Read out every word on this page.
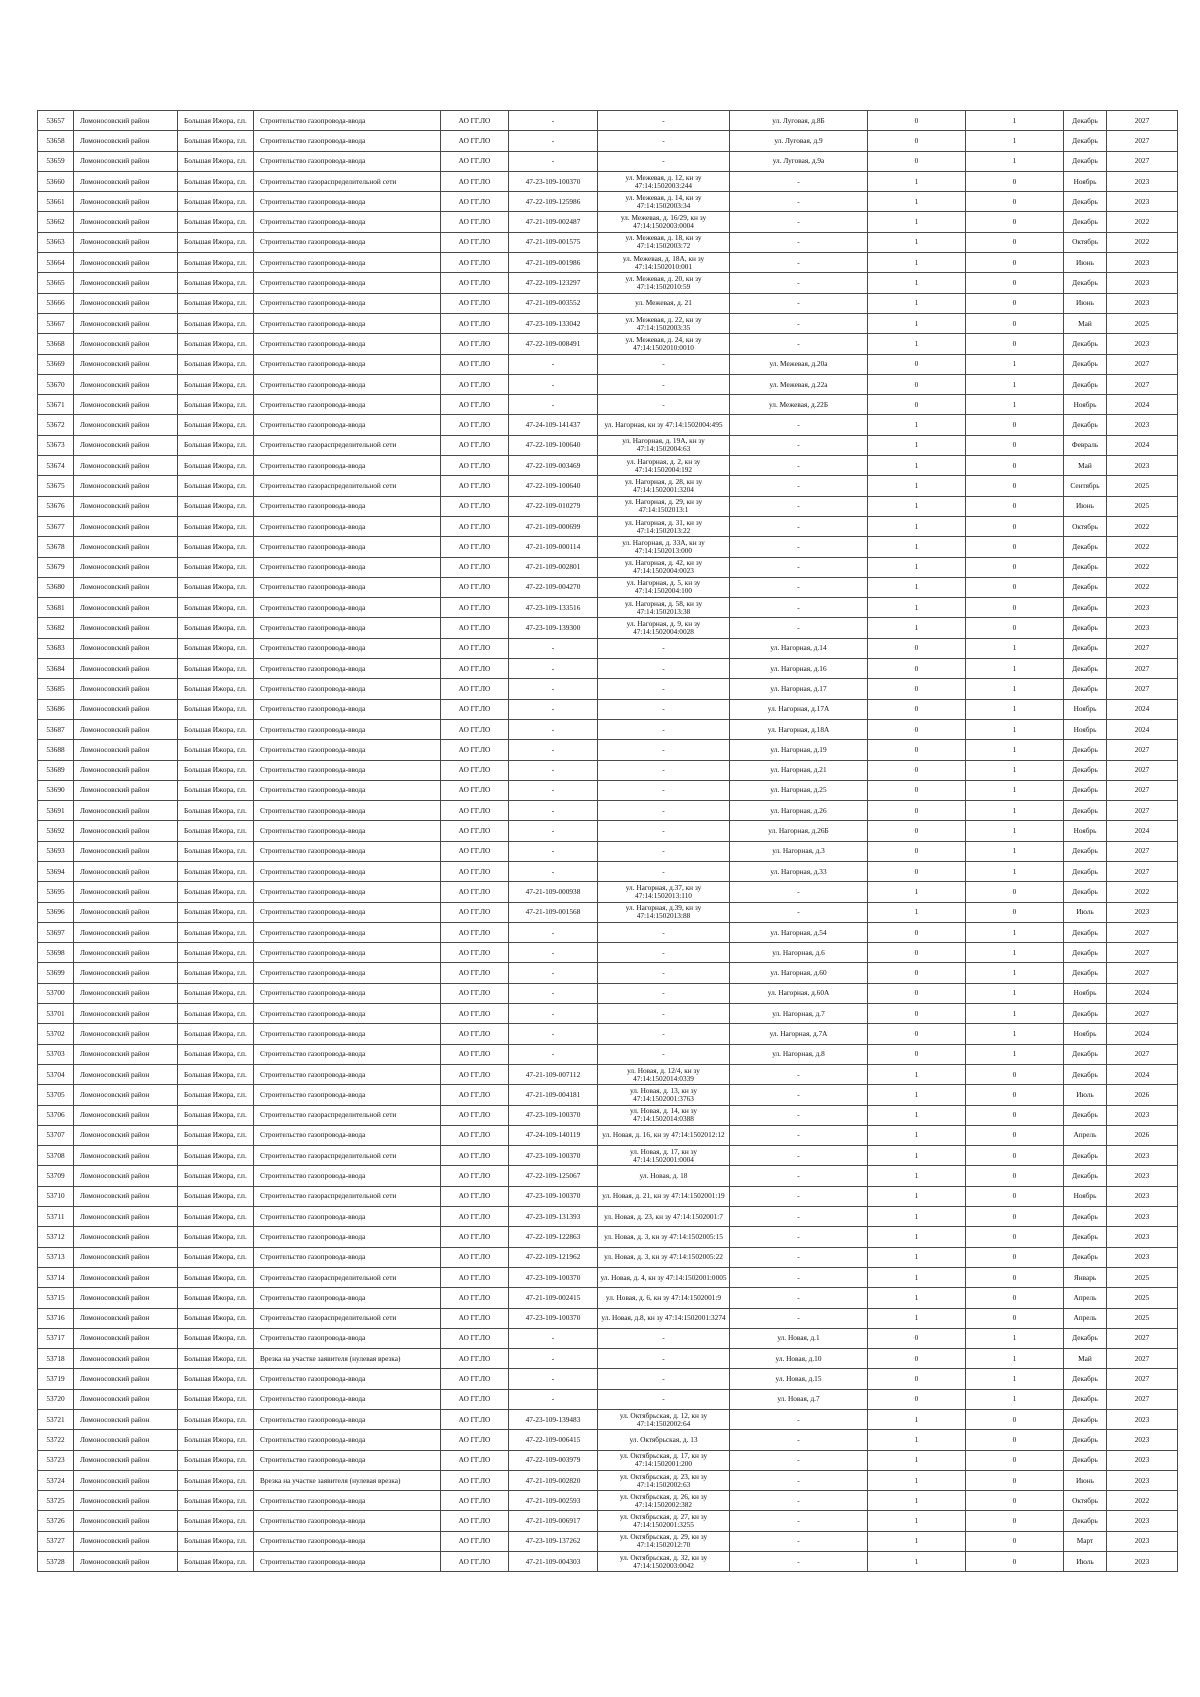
53657	Ломоносовский район	Большая Ижора, г.п.	Строительство газопровода-ввода	АО ГГ.ЛО	-	-	ул. Луговая, д.8Б	0	1	Декабрь	2027
53658	Ломоносовский район	Большая Ижора, г.п.	Строительство газопровода-ввода	АО ГГ.ЛО	-	-	ул. Луговая, д.9	0	1	Декабрь	2027
53659	Ломоносовский район	Большая Ижора, г.п.	Строительство газопровода-ввода	АО ГГ.ЛО	-	-	ул. Луговая, д.9а	0	1	Декабрь	2027
53660	Ломоносовский район	Большая Ижора, г.п.	Строительство газораспределительной сети	АО ГГ.ЛО	47-23-109-100370	ул. Межевая, д. 12, кн зу 47:14:1502003:244	-	1	0	Ноябрь	2023
53661	Ломоносовский район	Большая Ижора, г.п.	Строительство газопровода-ввода	АО ГГ.ЛО	47-22-109-125986	ул. Межевая, д. 14, кн зу 47:14:1502003:34	-	1	0	Декабрь	2023
53662	Ломоносовский район	Большая Ижора, г.п.	Строительство газопровода-ввода	АО ГГ.ЛО	47-21-109-002487	ул. Межевая, д. 16/29, кн зу 47:14:1502003:0004	-	1	0	Декабрь	2022
53663	Ломоносовский район	Большая Ижора, г.п.	Строительство газопровода-ввода	АО ГГ.ЛО	47-21-109-001575	ул. Межевая, д. 18, кн зу 47:14:1502003:72	-	1	0	Октябрь	2022
53664	Ломоносовский район	Большая Ижора, г.п.	Строительство газопровода-ввода	АО ГГ.ЛО	47-21-109-001986	ул. Межевая, д. 18А, кн зу 47:14:1502010:001	-	1	0	Июнь	2023
53665	Ломоносовский район	Большая Ижора, г.п.	Строительство газопровода-ввода	АО ГГ.ЛО	47-22-109-123297	ул. Межевая, д. 20, кн зу 47:14:1502010:59	-	1	0	Декабрь	2023
53666	Ломоносовский район	Большая Ижора, г.п.	Строительство газопровода-ввода	АО ГГ.ЛО	47-21-109-003552	ул. Межевая, д. 21	-	1	0	Июнь	2023
53667	Ломоносовский район	Большая Ижора, г.п.	Строительство газопровода-ввода	АО ГГ.ЛО	47-23-109-133042	ул. Межевая, д. 22, кн зу 47:14:1502003:35	-	1	0	Май	2025
53668	Ломоносовский район	Большая Ижора, г.п.	Строительство газопровода-ввода	АО ГГ.ЛО	47-22-109-008491	ул. Межевая, д. 24, кн зу 47:14:1502010:0010	-	1	0	Декабрь	2023
53669	Ломоносовский район	Большая Ижора, г.п.	Строительство газопровода-ввода	АО ГГ.ЛО	-	-	ул. Межевая, д.20а	0	1	Декабрь	2027
53670	Ломоносовский район	Большая Ижора, г.п.	Строительство газопровода-ввода	АО ГГ.ЛО	-	-	ул. Межевая, д.22а	0	1	Декабрь	2027
53671	Ломоносовский район	Большая Ижора, г.п.	Строительство газопровода-ввода	АО ГГ.ЛО	-	-	ул. Межевая, д.22Б	0	1	Ноябрь	2024
53672	Ломоносовский район	Большая Ижора, г.п.	Строительство газопровода-ввода	АО ГГ.ЛО	47-24-109-141437	ул. Нагорная, кн зу 47:14:1502004:495	-	1	0	Декабрь	2023
53673	Ломоносовский район	Большая Ижора, г.п.	Строительство газораспределительной сети	АО ГГ.ЛО	47-22-109-100640	ул. Нагорная, д. 19А, кн зу 47:14:1502004:63	-	1	0	Февраль	2024
53674	Ломоносовский район	Большая Ижора, г.п.	Строительство газопровода-ввода	АО ГГ.ЛО	47-22-109-003469	ул. Нагорная, д. 2, кн зу 47:14:1502004:192	-	1	0	Май	2023
53675	Ломоносовский район	Большая Ижора, г.п.	Строительство газораспределительной сети	АО ГГ.ЛО	47-22-109-100640	ул. Нагорная, д. 28, кн зу 47:14:1502001:3204	-	1	0	Сентябрь	2025
53676	Ломоносовский район	Большая Ижора, г.п.	Строительство газопровода-ввода	АО ГГ.ЛО	47-22-109-010279	ул. Нагорная, д. 29, кн зу 47:14:1502013:1	-	1	0	Июнь	2025
53677	Ломоносовский район	Большая Ижора, г.п.	Строительство газопровода-ввода	АО ГГ.ЛО	47-21-109-000699	ул. Нагорная, д. 31, кн зу 47:14:1502013:22	-	1	0	Октябрь	2022
53678	Ломоносовский район	Большая Ижора, г.п.	Строительство газопровода-ввода	АО ГГ.ЛО	47-21-109-000114	ул. Нагорная, д. 33А, кн зу 47:14:1502013:000	-	1	0	Декабрь	2022
53679	Ломоносовский район	Большая Ижора, г.п.	Строительство газопровода-ввода	АО ГГ.ЛО	47-21-109-002801	ул. Нагорная, д. 42, кн зу 47:14:1502004:0023	-	1	0	Декабрь	2022
53680	Ломоносовский район	Большая Ижора, г.п.	Строительство газопровода-ввода	АО ГГ.ЛО	47-22-109-004270	ул. Нагорная, д. 5, кн зу 47:14:1502004:100	-	1	0	Декабрь	2022
53681	Ломоносовский район	Большая Ижора, г.п.	Строительство газопровода-ввода	АО ГГ.ЛО	47-23-109-133516	ул. Нагорная, д. 58, кн зу 47:14:1502013:38	-	1	0	Декабрь	2023
53682	Ломоносовский район	Большая Ижора, г.п.	Строительство газопровода-ввода	АО ГГ.ЛО	47-23-109-139300	ул. Нагорная, д. 9, кн зу 47:14:1502004:0028	-	1	0	Декабрь	2023
53683	Ломоносовский район	Большая Ижора, г.п.	Строительство газопровода-ввода	АО ГГ.ЛО	-	-	ул. Нагорная, д.14	0	1	Декабрь	2027
53684	Ломоносовский район	Большая Ижора, г.п.	Строительство газопровода-ввода	АО ГГ.ЛО	-	-	ул. Нагорная, д.16	0	1	Декабрь	2027
53685	Ломоносовский район	Большая Ижора, г.п.	Строительство газопровода-ввода	АО ГГ.ЛО	-	-	ул. Нагорная, д.17	0	1	Декабрь	2027
53686	Ломоносовский район	Большая Ижора, г.п.	Строительство газопровода-ввода	АО ГГ.ЛО	-	-	ул. Нагорная, д.17А	0	1	Ноябрь	2024
53687	Ломоносовский район	Большая Ижора, г.п.	Строительство газопровода-ввода	АО ГГ.ЛО	-	-	ул. Нагорная, д.18А	0	1	Ноябрь	2024
53688	Ломоносовский район	Большая Ижора, г.п.	Строительство газопровода-ввода	АО ГГ.ЛО	-	-	ул. Нагорная, д.19	0	1	Декабрь	2027
53689	Ломоносовский район	Большая Ижора, г.п.	Строительство газопровода-ввода	АО ГГ.ЛО	-	-	ул. Нагорная, д.21	0	1	Декабрь	2027
53690	Ломоносовский район	Большая Ижора, г.п.	Строительство газопровода-ввода	АО ГГ.ЛО	-	-	ул. Нагорная, д.25	0	1	Декабрь	2027
53691	Ломоносовский район	Большая Ижора, г.п.	Строительство газопровода-ввода	АО ГГ.ЛО	-	-	ул. Нагорная, д.26	0	1	Декабрь	2027
53692	Ломоносовский район	Большая Ижора, г.п.	Строительство газопровода-ввода	АО ГГ.ЛО	-	-	ул. Нагорная, д.26Б	0	1	Ноябрь	2024
53693	Ломоносовский район	Большая Ижора, г.п.	Строительство газопровода-ввода	АО ГГ.ЛО	-	-	ул. Нагорная, д.3	0	1	Декабрь	2027
53694	Ломоносовский район	Большая Ижора, г.п.	Строительство газопровода-ввода	АО ГГ.ЛО	-	-	ул. Нагорная, д.33	0	1	Декабрь	2027
53695	Ломоносовский район	Большая Ижора, г.п.	Строительство газопровода-ввода	АО ГГ.ЛО	47-21-109-000938	ул. Нагорная, д.37, кн зу 47:14:1502013:110	-	1	0	Декабрь	2022
53696	Ломоносовский район	Большая Ижора, г.п.	Строительство газопровода-ввода	АО ГГ.ЛО	47-21-109-001568	ул. Нагорная, д.39, кн зу 47:14:1502013:88	-	1	0	Июль	2023
53697	Ломоносовский район	Большая Ижора, г.п.	Строительство газопровода-ввода	АО ГГ.ЛО	-	-	ул. Нагорная, д.54	0	1	Декабрь	2027
53698	Ломоносовский район	Большая Ижора, г.п.	Строительство газопровода-ввода	АО ГГ.ЛО	-	-	ул. Нагорная, д.6	0	1	Декабрь	2027
53699	Ломоносовский район	Большая Ижора, г.п.	Строительство газопровода-ввода	АО ГГ.ЛО	-	-	ул. Нагорная, д.60	0	1	Декабрь	2027
53700	Ломоносовский район	Большая Ижора, г.п.	Строительство газопровода-ввода	АО ГГ.ЛО	-	-	ул. Нагорная, д.60А	0	1	Ноябрь	2024
53701	Ломоносовский район	Большая Ижора, г.п.	Строительство газопровода-ввода	АО ГГ.ЛО	-	-	ул. Нагорная, д.7	0	1	Декабрь	2027
53702	Ломоносовский район	Большая Ижора, г.п.	Строительство газопровода-ввода	АО ГГ.ЛО	-	-	ул. Нагорная, д.7А	0	1	Ноябрь	2024
53703	Ломоносовский район	Большая Ижора, г.п.	Строительство газопровода-ввода	АО ГГ.ЛО	-	-	ул. Нагорная, д.8	0	1	Декабрь	2027
53704	Ломоносовский район	Большая Ижора, г.п.	Строительство газопровода-ввода	АО ГГ.ЛО	47-21-109-007112	ул. Новая, д. 12/4, кн зу 47:14:1502014:0339	-	1	0	Декабрь	2024
53705	Ломоносовский район	Большая Ижора, г.п.	Строительство газопровода-ввода	АО ГГ.ЛО	47-21-109-004181	ул. Новая, д. 13, кн зу 47:14:1502001:3763	-	1	0	Июль	2026
53706	Ломоносовский район	Большая Ижора, г.п.	Строительство газораспределительной сети	АО ГГ.ЛО	47-23-109-100370	ул. Новая, д. 14, кн зу 47:14:1502014:0388	-	1	0	Декабрь	2023
53707	Ломоносовский район	Большая Ижора, г.п.	Строительство газопровода-ввода	АО ГГ.ЛО	47-24-109-140119	ул. Новая, д. 16, кн зу 47:14:1502012:12	-	1	0	Апрель	2026
53708	Ломоносовский район	Большая Ижора, г.п.	Строительство газораспределительной сети	АО ГГ.ЛО	47-23-109-100370	ул. Новая, д. 17, кн зу 47:14:1502001:0004	-	1	0	Декабрь	2023
53709	Ломоносовский район	Большая Ижора, г.п.	Строительство газопровода-ввода	АО ГГ.ЛО	47-22-109-125067	ул. Новая, д. 18	-	1	0	Декабрь	2023
53710	Ломоносовский район	Большая Ижора, г.п.	Строительство газораспределительной сети	АО ГГ.ЛО	47-23-109-100370	ул. Новая, д. 21, кн зу 47:14:1502001:19	-	1	0	Ноябрь	2023
53711	Ломоносовский район	Большая Ижора, г.п.	Строительство газопровода-ввода	АО ГГ.ЛО	47-23-109-131393	ул. Новая, д. 23, кн зу 47:14:1502001:7	-	1	0	Декабрь	2023
53712	Ломоносовский район	Большая Ижора, г.п.	Строительство газопровода-ввода	АО ГГ.ЛО	47-22-109-122863	ул. Новая, д. 3, кн зу 47:14:1502005:15	-	1	0	Декабрь	2023
53713	Ломоносовский район	Большая Ижора, г.п.	Строительство газопровода-ввода	АО ГГ.ЛО	47-22-109-121962	ул. Новая, д. 3, кн зу 47:14:1502005:22	-	1	0	Декабрь	2023
53714	Ломоносовский район	Большая Ижора, г.п.	Строительство газораспределительной сети	АО ГГ.ЛО	47-23-109-100370	ул. Новая, д. 4, кн зу 47:14:1502001:0005	-	1	0	Январь	2025
53715	Ломоносовский район	Большая Ижора, г.п.	Строительство газопровода-ввода	АО ГГ.ЛО	47-21-109-002415	ул. Новая, д. 6, кн зу 47:14:1502001:9	-	1	0	Апрель	2025
53716	Ломоносовский район	Большая Ижора, г.п.	Строительство газораспределительной сети	АО ГГ.ЛО	47-23-109-100370	ул. Новая, д.8, кн зу 47:14:1502001:3274	-	1	0	Апрель	2025
53717	Ломоносовский район	Большая Ижора, г.п.	Строительство газопровода-ввода	АО ГГ.ЛО	-	-	ул. Новая, д.1	0	1	Декабрь	2027
53718	Ломоносовский район	Большая Ижора, г.п.	Врезка на участке заявителя (нулевая врезка)	АО ГГ.ЛО	-	-	ул. Новая, д.10	0	1	Май	2027
53719	Ломоносовский район	Большая Ижора, г.п.	Строительство газопровода-ввода	АО ГГ.ЛО	-	-	ул. Новая, д.15	0	1	Декабрь	2027
53720	Ломоносовский район	Большая Ижора, г.п.	Строительство газопровода-ввода	АО ГГ.ЛО	-	-	ул. Новая, д.7	0	1	Декабрь	2027
53721	Ломоносовский район	Большая Ижора, г.п.	Строительство газопровода-ввода	АО ГГ.ЛО	47-23-109-139483	ул. Октябрьская, д. 12, кн зу 47:14:1502002:64	-	1	0	Декабрь	2023
53722	Ломоносовский район	Большая Ижора, г.п.	Строительство газопровода-ввода	АО ГГ.ЛО	47-22-109-006415	ул. Октябрьская, д. 13	-	1	0	Декабрь	2023
53723	Ломоносовский район	Большая Ижора, г.п.	Строительство газопровода-ввода	АО ГГ.ЛО	47-22-109-003979	ул. Октябрьская, д. 17, кн зу 47:14:1502001:200	-	1	0	Декабрь	2023
53724	Ломоносовский район	Большая Ижора, г.п.	Врезка на участке заявителя (нулевая врезка)	АО ГГ.ЛО	47-21-109-002820	ул. Октябрьская, д. 23, кн зу 47:14:1502002:63	-	1	0	Июнь	2023
53725	Ломоносовский район	Большая Ижора, г.п.	Строительство газопровода-ввода	АО ГГ.ЛО	47-21-109-002593	ул. Октябрьская, д. 26, кн зу 47:14:1502002:382	-	1	0	Октябрь	2022
53726	Ломоносовский район	Большая Ижора, г.п.	Строительство газопровода-ввода	АО ГГ.ЛО	47-21-109-006917	ул. Октябрьская, д. 27, кн зу 47:14:1502001:3255	-	1	0	Декабрь	2023
53727	Ломоносовский район	Большая Ижора, г.п.	Строительство газопровода-ввода	АО ГГ.ЛО	47-23-109-137262	ул. Октябрьская, д. 29, кн зу 47:14:1502012:70	-	1	0	Март	2023
53728	Ломоносовский район	Большая Ижора, г.п.	Строительство газопровода-ввода	АО ГГ.ЛО	47-21-109-004303	ул. Октябрьская, д. 32, кн зу 47:14:1502003:0042	-	1	0	Июль	2023
